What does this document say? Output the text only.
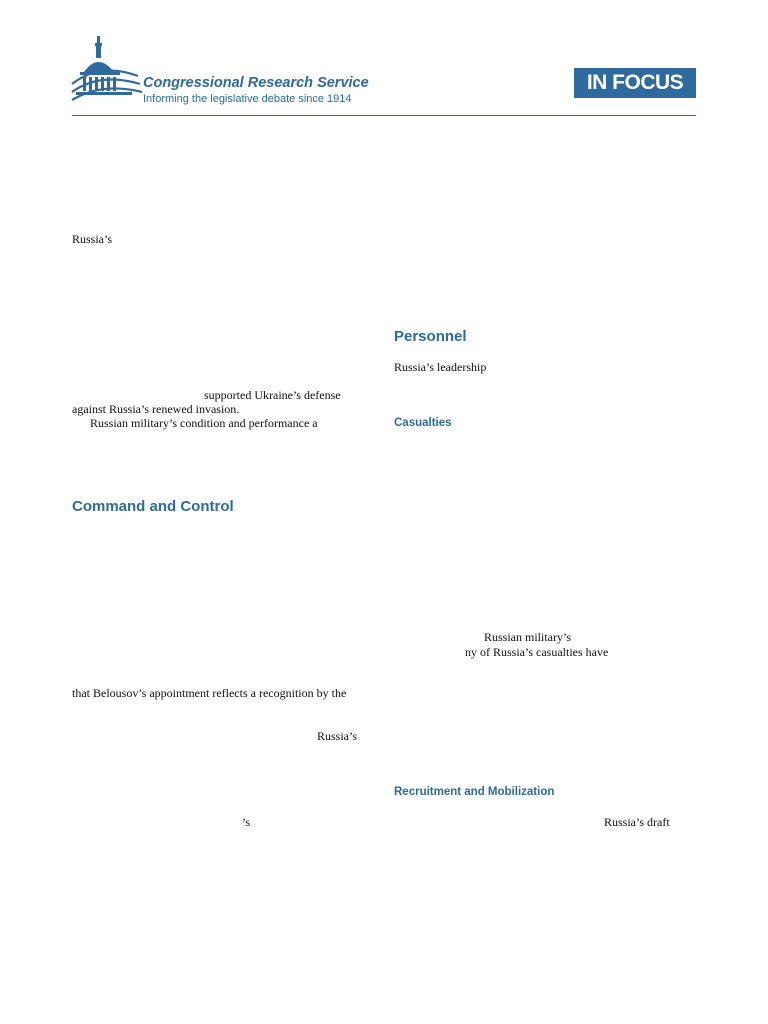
Congressional Research Service
Informing the legislative debate since 1914
IN FOCUS
Russia’s
supported Ukraine’s defense
against Russia’s renewed invasion.
Russian military’s condition and performance a
Command and Control
that Belousov’s appointment reflects a recognition by the
Russia’s
’s
Personnel
Russia’s leadership
Casualties
Russian military’s
ny of Russia’s casualties have
Recruitment and Mobilization
Russia’s draft
